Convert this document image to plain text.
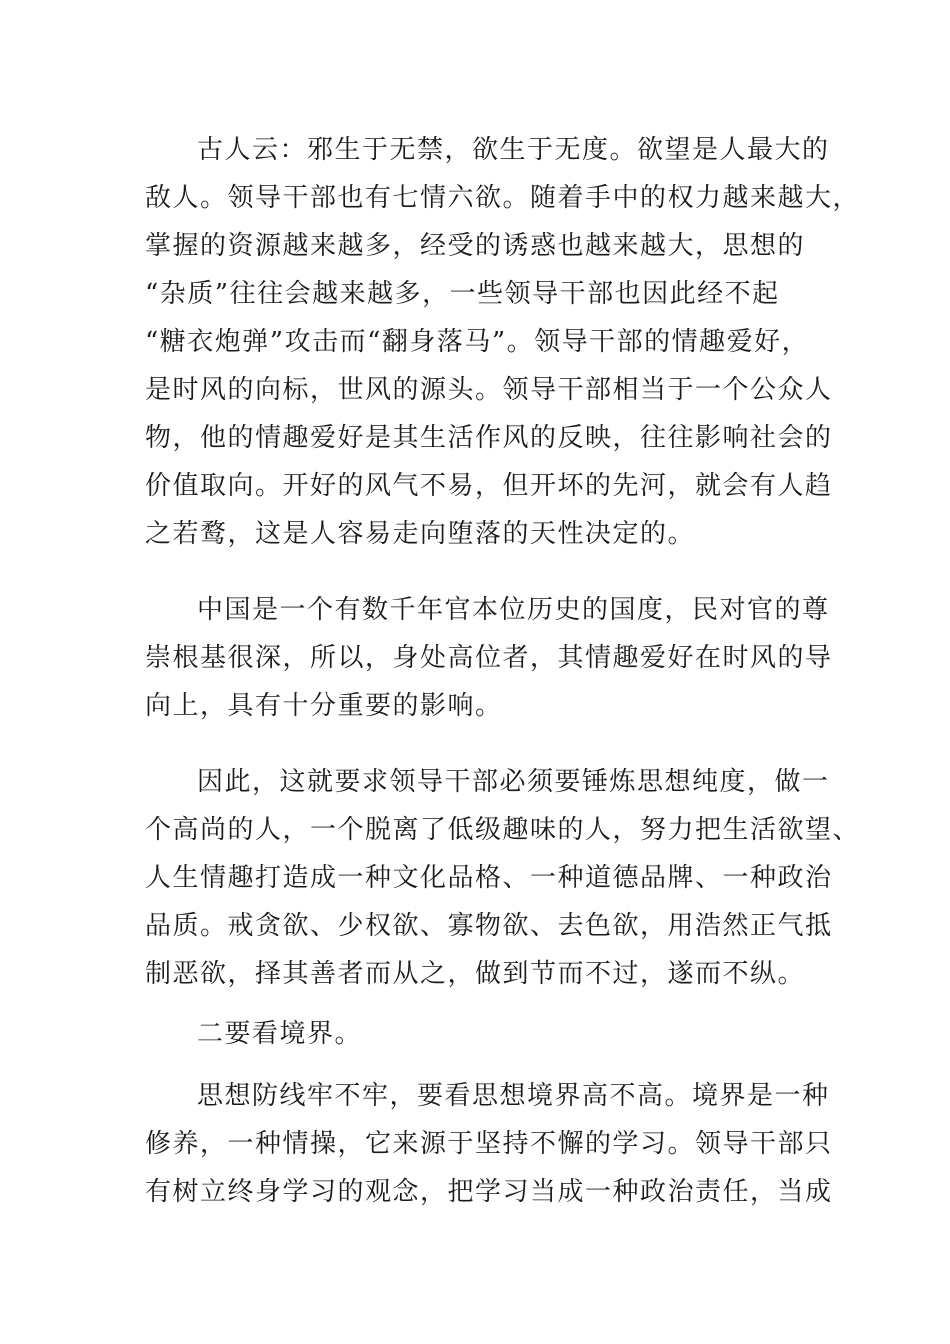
古人云：邪生于无禁，欲生于无度。欲望是人最大的
敌人。领导干部也有七情六欲。随着手中的权力越来越大，
掌握的资源越来越多，经受的诱惑也越来越大，思想的
“杂质”往往会越来越多，一些领导干部也因此经不起
“糖衣炮弹”攻击而“翻身落马”。领导干部的情趣爱好，
是时风的向标，世风的源头。领导干部相当于一个公众人
物，他的情趣爱好是其生活作风的反映，往往影响社会的
价值取向。开好的风气不易，但开坏的先河，就会有人趋
之若鹜，这是人容易走向堕落的天性决定的。
中国是一个有数千年官本位历史的国度，民对官的尊
崇根基很深，所以，身处高位者，其情趣爱好在时风的导
向上，具有十分重要的影响。
因此，这就要求领导干部必须要锤炼思想纯度，做一
个高尚的人，一个脱离了低级趣味的人，努力把生活欲望、
人生情趣打造成一种文化品格、一种道德品牌、一种政治
品质。戒贪欲、少权欲、寡物欲、去色欲，用浩然正气抵
制恶欲，择其善者而从之，做到节而不过，遂而不纵。
二要看境界。
思想防线牢不牢，要看思想境界高不高。境界是一种
修养，一种情操，它来源于坚持不懈的学习。领导干部只
有树立终身学习的观念，把学习当成一种政治责任，当成
